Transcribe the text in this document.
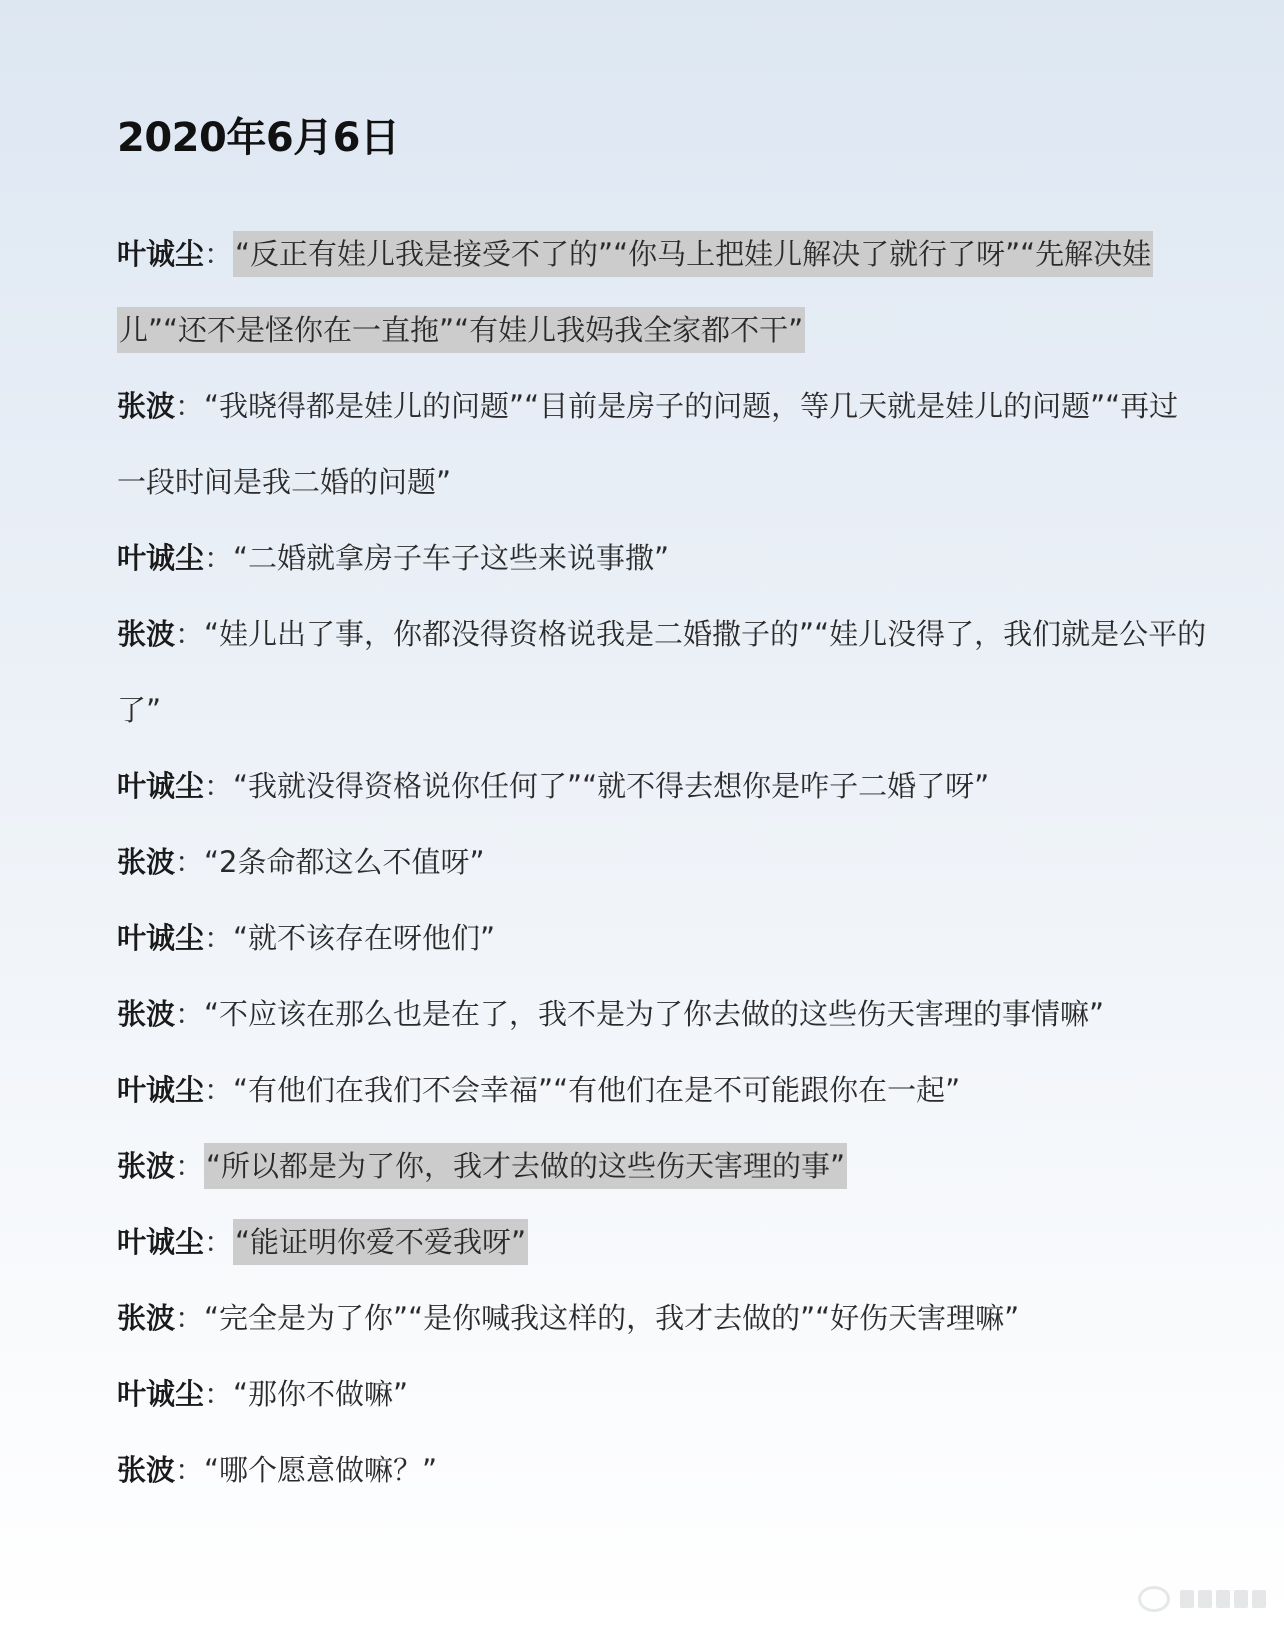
2020年6月6日

叶诚尘：“反正有娃儿我是接受不了的”“你马上把娃儿解决了就行了呀”“先解决娃儿”“还不是怪你在一直拖”“有娃儿我妈我全家都不干”

张波：“我晓得都是娃儿的问题”“目前是房子的问题，等几天就是娃儿的问题”“再过一段时间是我二婚的问题”

叶诚尘：“二婚就拿房子车子这些来说事撒”

张波：“娃儿出了事，你都没得资格说我是二婚撒子的”“娃儿没得了，我们就是公平的了”

叶诚尘：“我就没得资格说你任何了”“就不得去想你是咋子二婚了呀”

张波：“2条命都这么不值呀”

叶诚尘：“就不该存在呀他们”

张波：“不应该在那么也是在了，我不是为了你去做的这些伤天害理的事情嘛”

叶诚尘：“有他们在我们不会幸福”“有他们在是不可能跟你在一起”

张波：“所以都是为了你，我才去做的这些伤天害理的事”

叶诚尘：“能证明你爱不爱我呀”

张波：“完全是为了你”“是你喊我这样的，我才去做的”“好伤天害理嘛”

叶诚尘：“那你不做嘛”

张波：“哪个愿意做嘛？”
